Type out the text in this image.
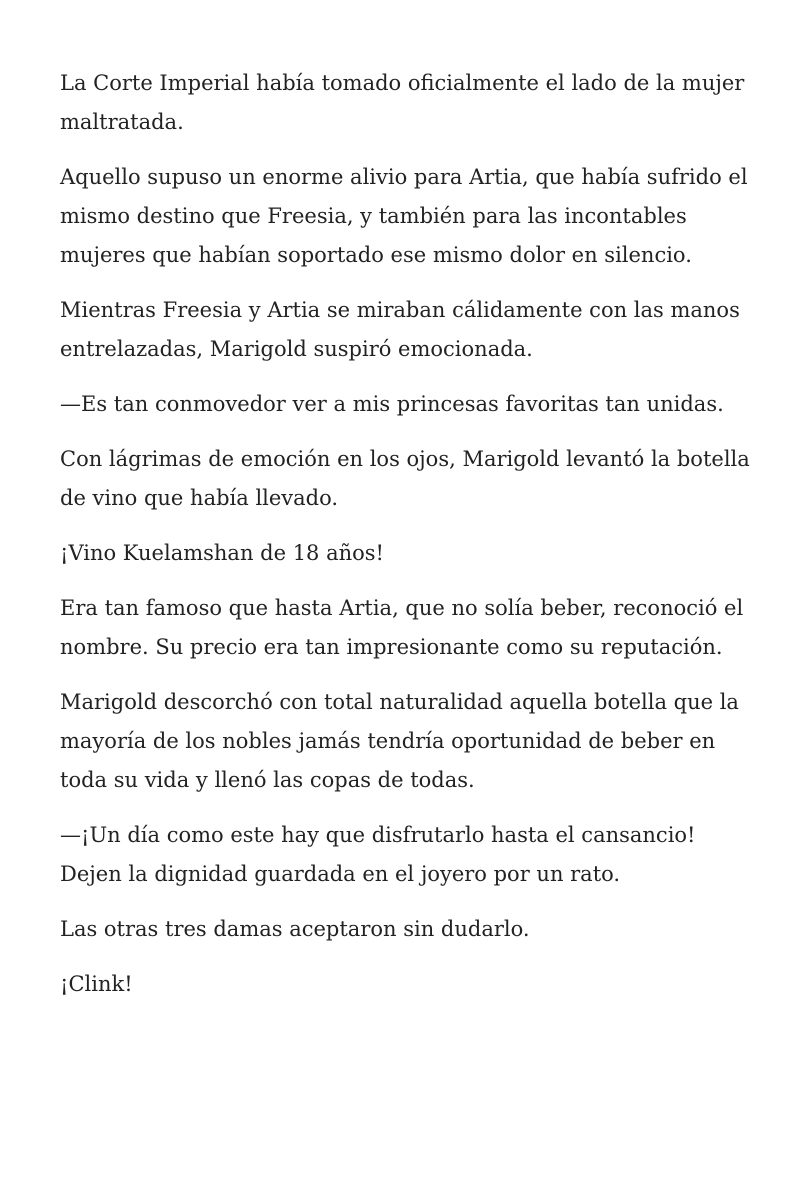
La Corte Imperial había tomado oficialmente el lado de la mujer maltratada.

Aquello supuso un enorme alivio para Artia, que había sufrido el mismo destino que Freesia, y también para las incontables mujeres que habían soportado ese mismo dolor en silencio.

Mientras Freesia y Artia se miraban cálidamente con las manos entrelazadas, Marigold suspiró emocionada.

—Es tan conmovedor ver a mis princesas favoritas tan unidas.

Con lágrimas de emoción en los ojos, Marigold levantó la botella de vino que había llevado.

¡Vino Kuelamshan de 18 años!

Era tan famoso que hasta Artia, que no solía beber, reconoció el nombre. Su precio era tan impresionante como su reputación.

Marigold descorchó con total naturalidad aquella botella que la mayoría de los nobles jamás tendría oportunidad de beber en toda su vida y llenó las copas de todas.

—¡Un día como este hay que disfrutarlo hasta el cansancio! Dejen la dignidad guardada en el joyero por un rato.

Las otras tres damas aceptaron sin dudarlo.

¡Clink!
